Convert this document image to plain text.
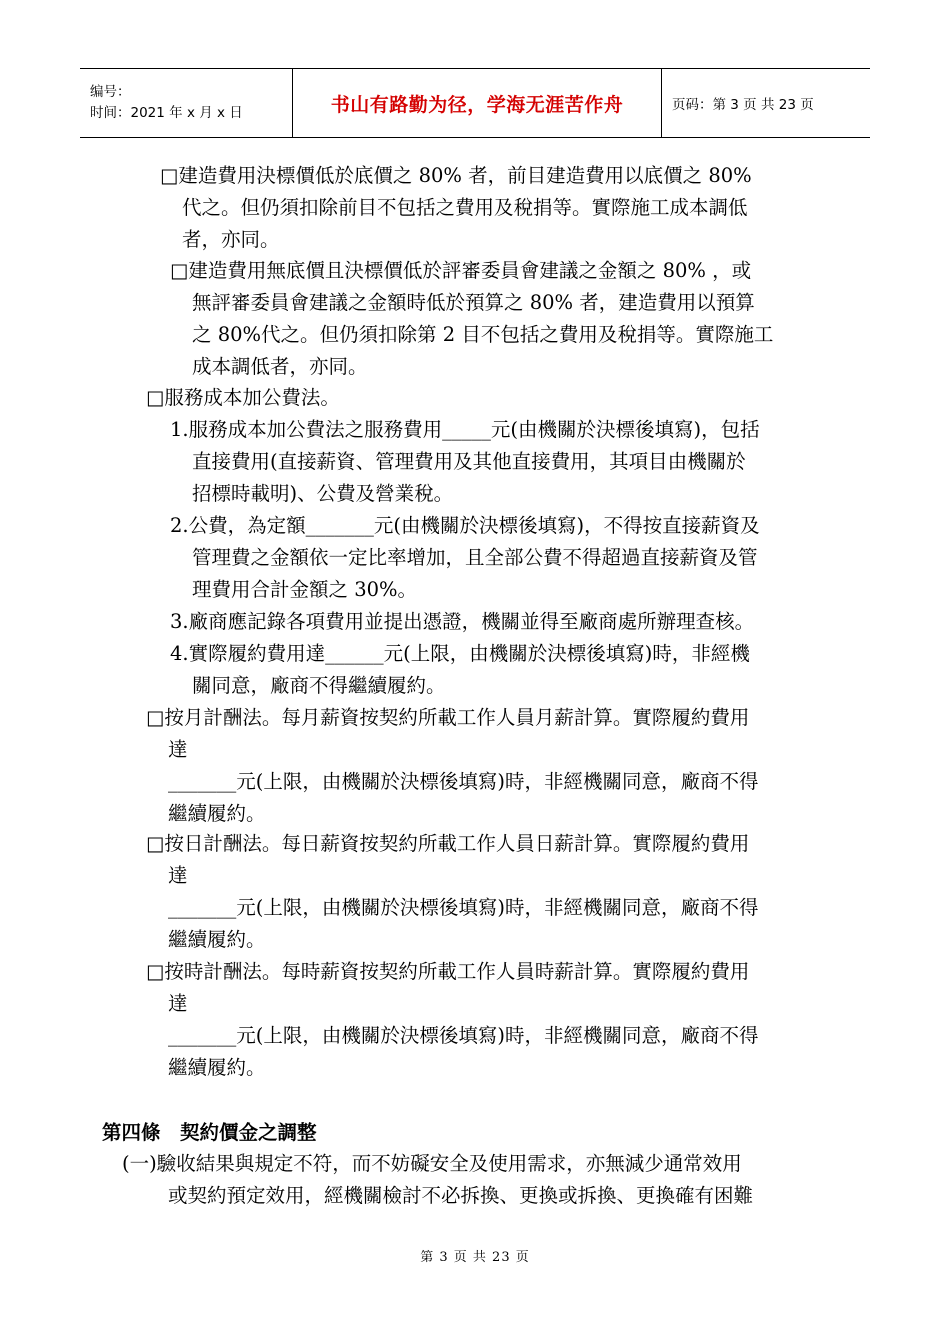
编号：
时间：2021 年 x 月 x 日	书山有路勤为径，学海无涯苦作舟	页码：第 3 页 共 23 页
□建造費用決標價低於底價之 80% 者，前目建造費用以底價之 80%
代之。但仍須扣除前目不包括之費用及稅捐等。實際施工成本調低
者，亦同。
□建造費用無底價且決標價低於評審委員會建議之金額之 80% ，或
無評審委員會建議之金額時低於預算之 80% 者，建造費用以預算
之 80%代之。但仍須扣除第 2 目不包括之費用及稅捐等。實際施工
成本調低者，亦同。
□服務成本加公費法。
1.服務成本加公費法之服務費用_____元(由機關於決標後填寫)，包括
直接費用(直接薪資、管理費用及其他直接費用，其項目由機關於
招標時載明)、公費及營業稅。
2.公費，為定額_______元(由機關於決標後填寫)，不得按直接薪資及
管理費之金額依一定比率增加，且全部公費不得超過直接薪資及管
理費用合計金額之 30%。
3.廠商應記錄各項費用並提出憑證，機關並得至廠商處所辦理查核。
4.實際履約費用達______元(上限，由機關於決標後填寫)時，非經機
關同意，廠商不得繼續履約。
□按月計酬法。每月薪資按契約所載工作人員月薪計算。實際履約費用
達
_______元(上限，由機關於決標後填寫)時，非經機關同意，廠商不得
繼續履約。
□按日計酬法。每日薪資按契約所載工作人員日薪計算。實際履約費用
達
_______元(上限，由機關於決標後填寫)時，非經機關同意，廠商不得
繼續履約。
□按時計酬法。每時薪資按契約所載工作人員時薪計算。實際履約費用
達
_______元(上限，由機關於決標後填寫)時，非經機關同意，廠商不得
繼續履約。
第四條　契約價金之調整
(一)驗收結果與規定不符，而不妨礙安全及使用需求，亦無減少通常效用
或契約預定效用，經機關檢討不必拆換、更換或拆換、更換確有困難
第 3 页 共 23 页
